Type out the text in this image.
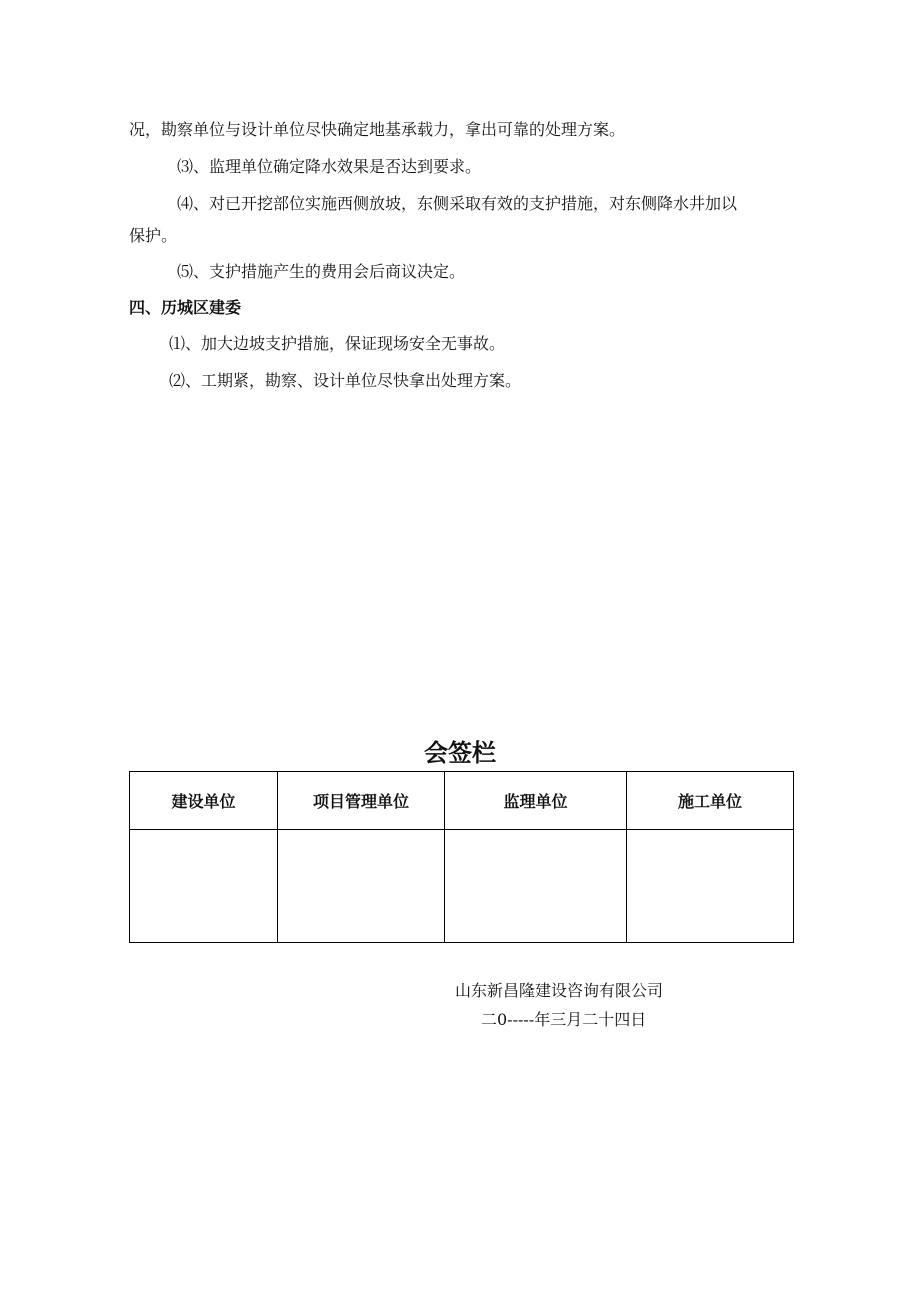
况，勘察单位与设计单位尽快确定地基承载力，拿出可靠的处理方案。

⑶、监理单位确定降水效果是否达到要求。

⑷、对已开挖部位实施西侧放坡，东侧采取有效的支护措施，对东侧降水井加以

保护。

⑸、支护措施产生的费用会后商议决定。

四、历城区建委

⑴、加大边坡支护措施，保证现场安全无事故。

⑵、工期紧，勘察、设计单位尽快拿出处理方案。

会签栏
建设单位	项目管理单位	监理单位	施工单位

山东新昌隆建设咨询有限公司

二0-----年三月二十四日
